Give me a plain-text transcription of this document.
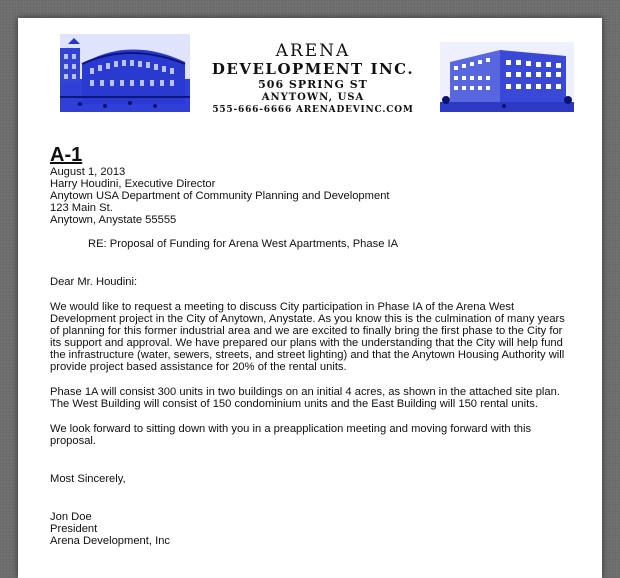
ARENA
DEVELOPMENT INC.
506 SPRING ST
ANYTOWN, USA
555-666-6666 ARENADEVINC.COM
A-1
August 1, 2013
Harry Houdini, Executive Director
Anytown USA Department of Community Planning and Development
123 Main St.
Anytown, Anystate 55555
RE: Proposal of Funding for Arena West Apartments, Phase IA
Dear Mr. Houdini:
We would like to request a meeting to discuss City participation in Phase IA of the Arena West Development project in the City of Anytown, Anystate. As you know this is the culmination of many years of planning for this former industrial area and we are excited to finally bring the first phase to the City for its support and approval. We have prepared our plans with the understanding that the City will help fund the infrastructure (water, sewers, streets, and street lighting) and that the Anytown Housing Authority will provide project based assistance for 20% of the rental units.
Phase 1A will consist 300 units in two buildings on an initial 4 acres, as shown in the attached site plan. The West Building will consist of 150 condominium units and the East Building will 150 rental units.
We look forward to sitting down with you in a preapplication meeting and moving forward with this proposal.
Most Sincerely,
Jon Doe
President
Arena Development, Inc
